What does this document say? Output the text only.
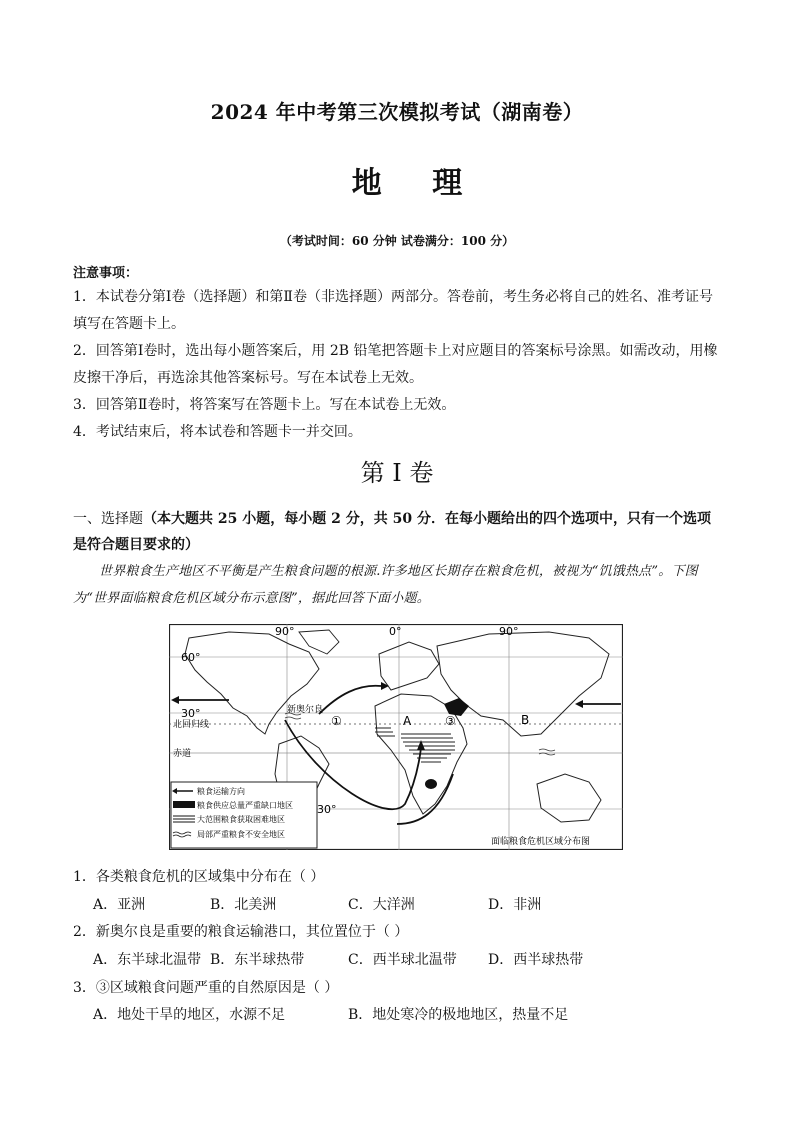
2024 年中考第三次模拟考试（湖南卷）
地 理
（考试时间：60 分钟 试卷满分：100 分）
注意事项：
1．本试卷分第Ⅰ卷（选择题）和第Ⅱ卷（非选择题）两部分。答卷前，考生务必将自己的姓名、准考证号填写在答题卡上。
2．回答第Ⅰ卷时，选出每小题答案后，用 2B 铅笔把答题卡上对应题目的答案标号涂黑。如需改动，用橡皮擦干净后，再选涂其他答案标号。写在本试卷上无效。
3．回答第Ⅱ卷时，将答案写在答题卡上。写在本试卷上无效。
4．考试结束后，将本试卷和答题卡一并交回。
第 I 卷
一、选择题（本大题共 25 小题，每小题 2 分，共 50 分．在每小题给出的四个选项中，只有一个选项是符合题目要求的）
世界粮食生产地区不平衡是产生粮食问题的根源.许多地区长期存在粮食危机，被视为“饥饿热点”。下图为“世界面临粮食危机区域分布示意图”，据此回答下面小题。
90°	0°	90°
60°
30°
30°
北回归线
赤道
新奥尔良
①	A	③	B
粮食运输方向
粮食供应总量严重缺口地区
大范围粮食获取困难地区
局部严重粮食不安全地区
面临粮食危机区域分布图
1．各类粮食危机的区域集中分布在（ ）
A．亚洲	B．北美洲	C．大洋洲	D．非洲
2．新奥尔良是重要的粮食运输港口，其位置位于（ ）
A．东半球北温带 B．东半球热带	C．西半球北温带 D．西半球热带
3．③区域粮食问题严重的自然原因是（ ）
A．地处干旱的地区，水源不足	B．地处寒冷的极地地区，热量不足
